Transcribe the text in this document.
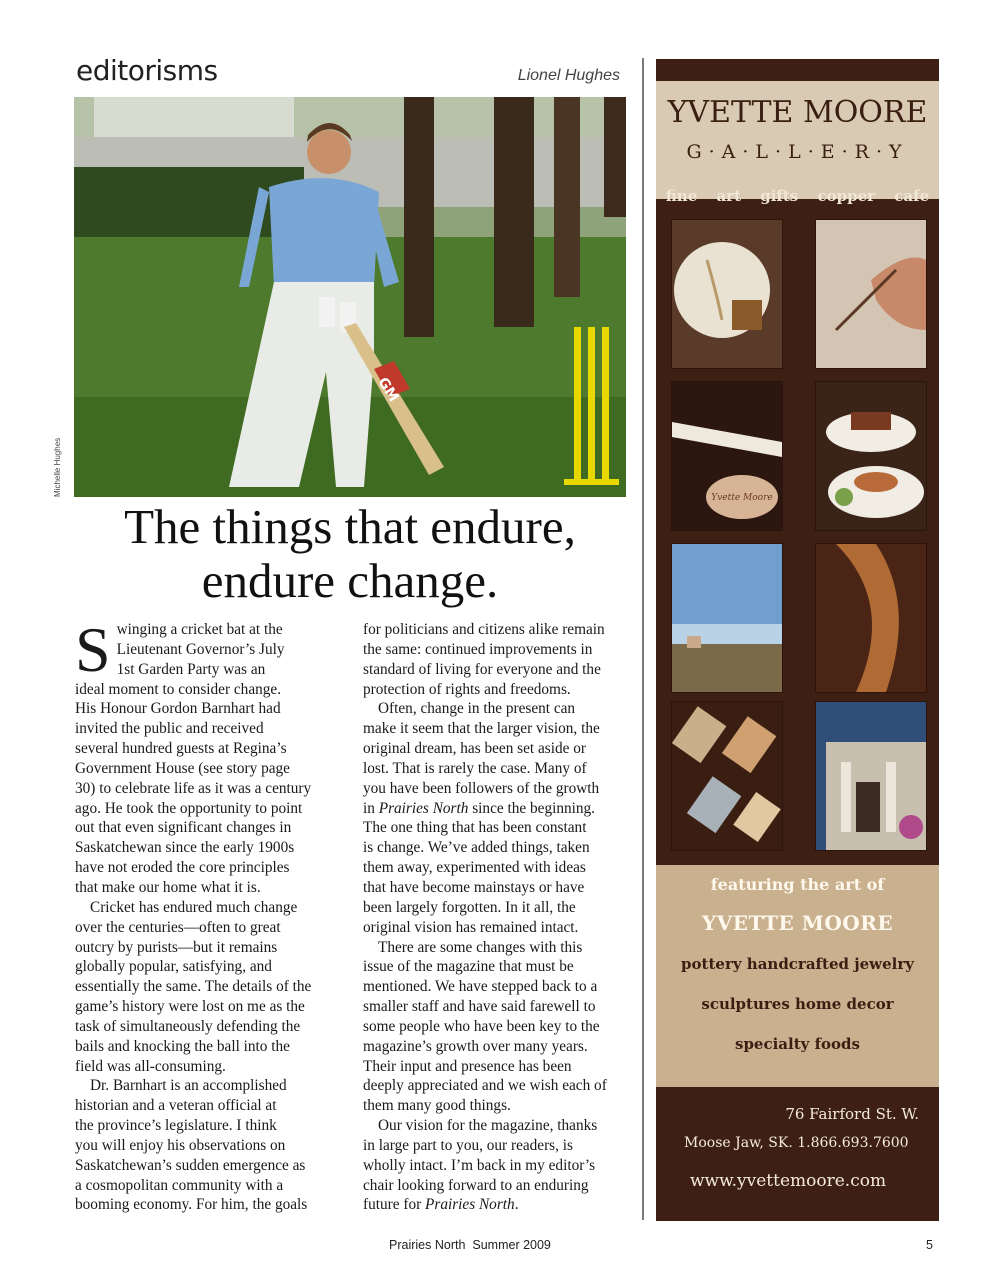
editorisms	Lionel Hughes
GM
Michelle Hughes
The things that endure,
endure change.
S winging a cricket bat at the
Lieutenant Governor’s July
1st Garden Party was an
ideal moment to consider change.
His Honour Gordon Barnhart had
invited the public and received
several hundred guests at Regina’s
Government House (see story page
30) to celebrate life as it was a century
ago. He took the opportunity to point
out that even significant changes in
Saskatchewan since the early 1900s
have not eroded the core principles
that make our home what it is.
Cricket has endured much change
over the centuries—often to great
outcry by purists—but it remains
globally popular, satisfying, and
essentially the same. The details of the
game’s history were lost on me as the
task of simultaneously defending the
bails and knocking the ball into the
field was all-consuming.
Dr. Barnhart is an accomplished
historian and a veteran official at
the province’s legislature. I think
you will enjoy his observations on
Saskatchewan’s sudden emergence as
a cosmopolitan community with a
booming economy. For him, the goals
for politicians and citizens alike remain
the same: continued improvements in
standard of living for everyone and the
protection of rights and freedoms.
Often, change in the present can
make it seem that the larger vision, the
original dream, has been set aside or
lost. That is rarely the case. Many of
you have been followers of the growth
in Prairies North since the beginning.
The one thing that has been constant
is change. We’ve added things, taken
them away, experimented with ideas
that have become mainstays or have
been largely forgotten. In it all, the
original vision has remained intact.
There are some changes with this
issue of the magazine that must be
mentioned. We have stepped back to a
smaller staff and have said farewell to
some people who have been key to the
magazine’s growth over many years.
Their input and presence has been
deeply appreciated and we wish each of
them many good things.
Our vision for the magazine, thanks
in large part to you, our readers, is
wholly intact. I’m back in my editor’s
chair looking forward to an enduring
future for Prairies North.
YVETTE MOORE
G·A·L·L·E·R·Y
fine art gifts copper cafe
Yvette Moore
featuring the art of
YVETTE MOORE
pottery handcrafted jewelry
sculptures home decor
specialty foods
76 Fairford St. W.
Moose Jaw, SK. 1.866.693.7600
www.yvettemoore.com
Prairies North Summer 2009	5
